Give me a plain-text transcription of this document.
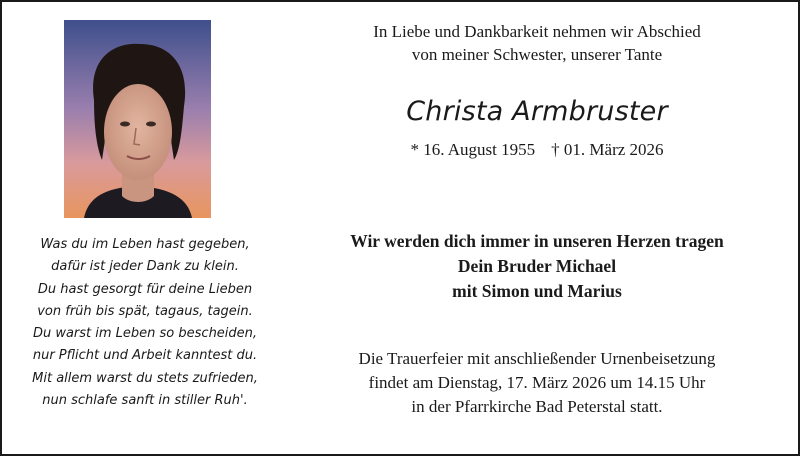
Was du im Leben hast gegeben,
dafür ist jeder Dank zu klein.
Du hast gesorgt für deine Lieben
von früh bis spät, tagaus, tagein.
Du warst im Leben so bescheiden,
nur Pflicht und Arbeit kanntest du.
Mit allem warst du stets zufrieden,
nun schlafe sanft in stiller Ruh'.
In Liebe und Dankbarkeit nehmen wir Abschied
von meiner Schwester, unserer Tante
Christa Armbruster
* 16. August 1955 † 01. März 2026
Wir werden dich immer in unseren Herzen tragen
Dein Bruder Michael
mit Simon und Marius
Die Trauerfeier mit anschließender Urnenbeisetzung
findet am Dienstag, 17. März 2026 um 14.15 Uhr
in der Pfarrkirche Bad Peterstal statt.
